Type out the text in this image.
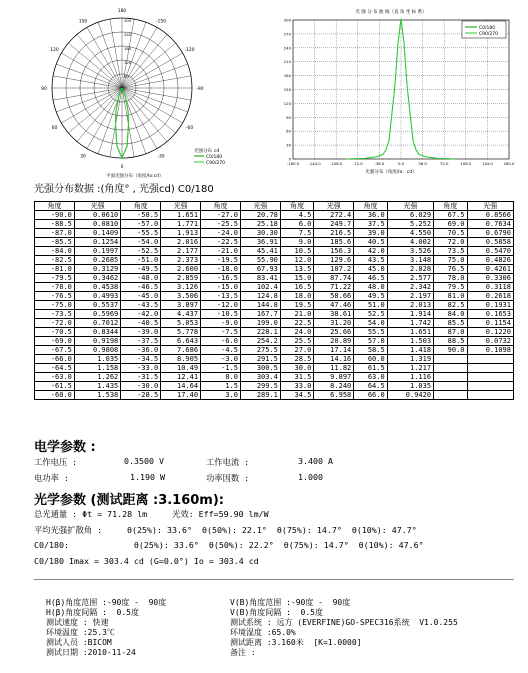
0
30
60
90
120
150
180
-150
-120
-90
-60
-30
60
120
180
240
300
光强分布 cd
C0/180
C90/270
平面光强分布（角度/Io:cd）
光 强 分 布 曲 线（直 角 坐 标 系）
-180.0 -144.0 -108.0	-72.0	-36.0	0.0	36.0	72.0	108.0	144.0	180.0
0
30
60
90
120
150
180
210
240
270
300
C0/180
C90/270
光强分布（角度/Io：cd）
光强分布数据 :(角度° , 光强cd) C0/180
角度	光强	角度	光强	角度	光强	角度	光强	角度	光强	角度	光强
-90.0	0.0610	-58.5	1.651	-27.0	20.78	4.5	272.4	36.0	6.029	67.5	0.8566
-88.5	0.0810	-57.0	1.771	-25.5	25.18	6.0	249.7	37.5	5.252	69.0	0.7634
-87.0	0.1409	-55.5	1.913	-24.0	30.30	7.5	216.5	39.0	4.550	70.5	0.6790
-85.5	0.1254	-54.0	2.016	-22.5	36.91	9.0	185.6	40.5	4.002	72.0	0.5858
-84.0	0.1997	-52.5	2.177	-21.0	45.41	10.5	156.3	42.0	3.526	73.5	0.5470
-82.5	0.2685	-51.0	2.373	-19.5	55.90	12.0	129.6	43.5	3.148	75.0	0.4826
-81.0	0.3129	-49.5	2.600	-18.0	67.93	13.5	107.2	45.0	2.828	76.5	0.4261
-79.5	0.3462	-48.0	2.859	-16.5	83.41	15.0	87.74	46.5	2.577	78.0	0.3306
-78.0	0.4538	-46.5	3.126	-15.0	102.4	16.5	71.22	48.0	2.342	79.5	0.3118
-76.5	0.4993	-45.0	3.506	-13.5	124.8	18.0	58.66	49.5	2.197	81.0	0.2618
-75.0	0.5537	-43.5	3.897	-12.0	144.8	19.5	47.46	51.0	2.013	82.5	0.1931
-73.5	0.5969	-42.0	4.437	-10.5	167.7	21.0	38.61	52.5	1.914	84.0	0.1653
-72.0	0.7012	-40.5	5.053	-9.0	199.0	22.5	31.20	54.0	1.742	85.5	0.1154
-70.5	0.8344	-39.0	5.778	-7.5	228.1	24.0	25.66	55.5	1.651	87.0	0.1220
-69.0	0.9198	-37.5	6.643	-6.0	254.2	25.5	20.89	57.0	1.503	88.5	0.0732
-67.5	0.9808	-36.0	7.686	-4.5	275.5	27.0	17.14	58.5	1.418	90.0	0.1098
-66.0	1.035	-34.5	8.905	-3.0	291.5	28.5	14.16	60.0	1.319		
-64.5	1.158	-33.0	10.49	-1.5	300.5	30.0	11.82	61.5	1.217		
-63.0	1.262	-31.5	12.41	0.0	303.4	31.5	9.897	63.0	1.116		
-61.5	1.435	-30.0	14.64	1.5	299.5	33.0	8.240	64.5	1.035		
-60.0	1.538	-28.5	17.40	3.0	289.1	34.5	6.958	66.0	0.9420		
电学参数 :
工作电压 :	0.3500 V	工作电流 :	3.400 A
电功率 :	1.190 W	功率因数 :	1.000
光学参数 (测试距离 :3.160m):
总光通量 : Φt = 71.28 lm     光效: Eff=59.90 lm/W
平均光强扩散角 :     θ(25%): 33.6°  θ(50%): 22.1°  θ(75%): 14.7°  θ(10%): 47.7°
C0/180:             θ(25%): 33.6°  θ(50%): 22.2°  θ(75%): 14.7°  θ(10%): 47.6°
C0/180 Imax = 303.4 cd (G=0.0°) Io = 303.4 cd
H(β)角度范围 :-90度 -  90度
H(β)角度间隔 :  0.5度
测试速度 : 快速
环境温度 :25.3℃
测试人员 :BICOM
测试日期 :2010-11-24
V(B)角度范围 :-90度 -  90度
V(B)角度间隔 :  0.5度
测试系统 : 远方 (EVERFINE)GO-SPEC316系统  V1.0.255
环境湿度 :65.0%
测试距离 :3.160米  [K=1.0000]
备注 :
